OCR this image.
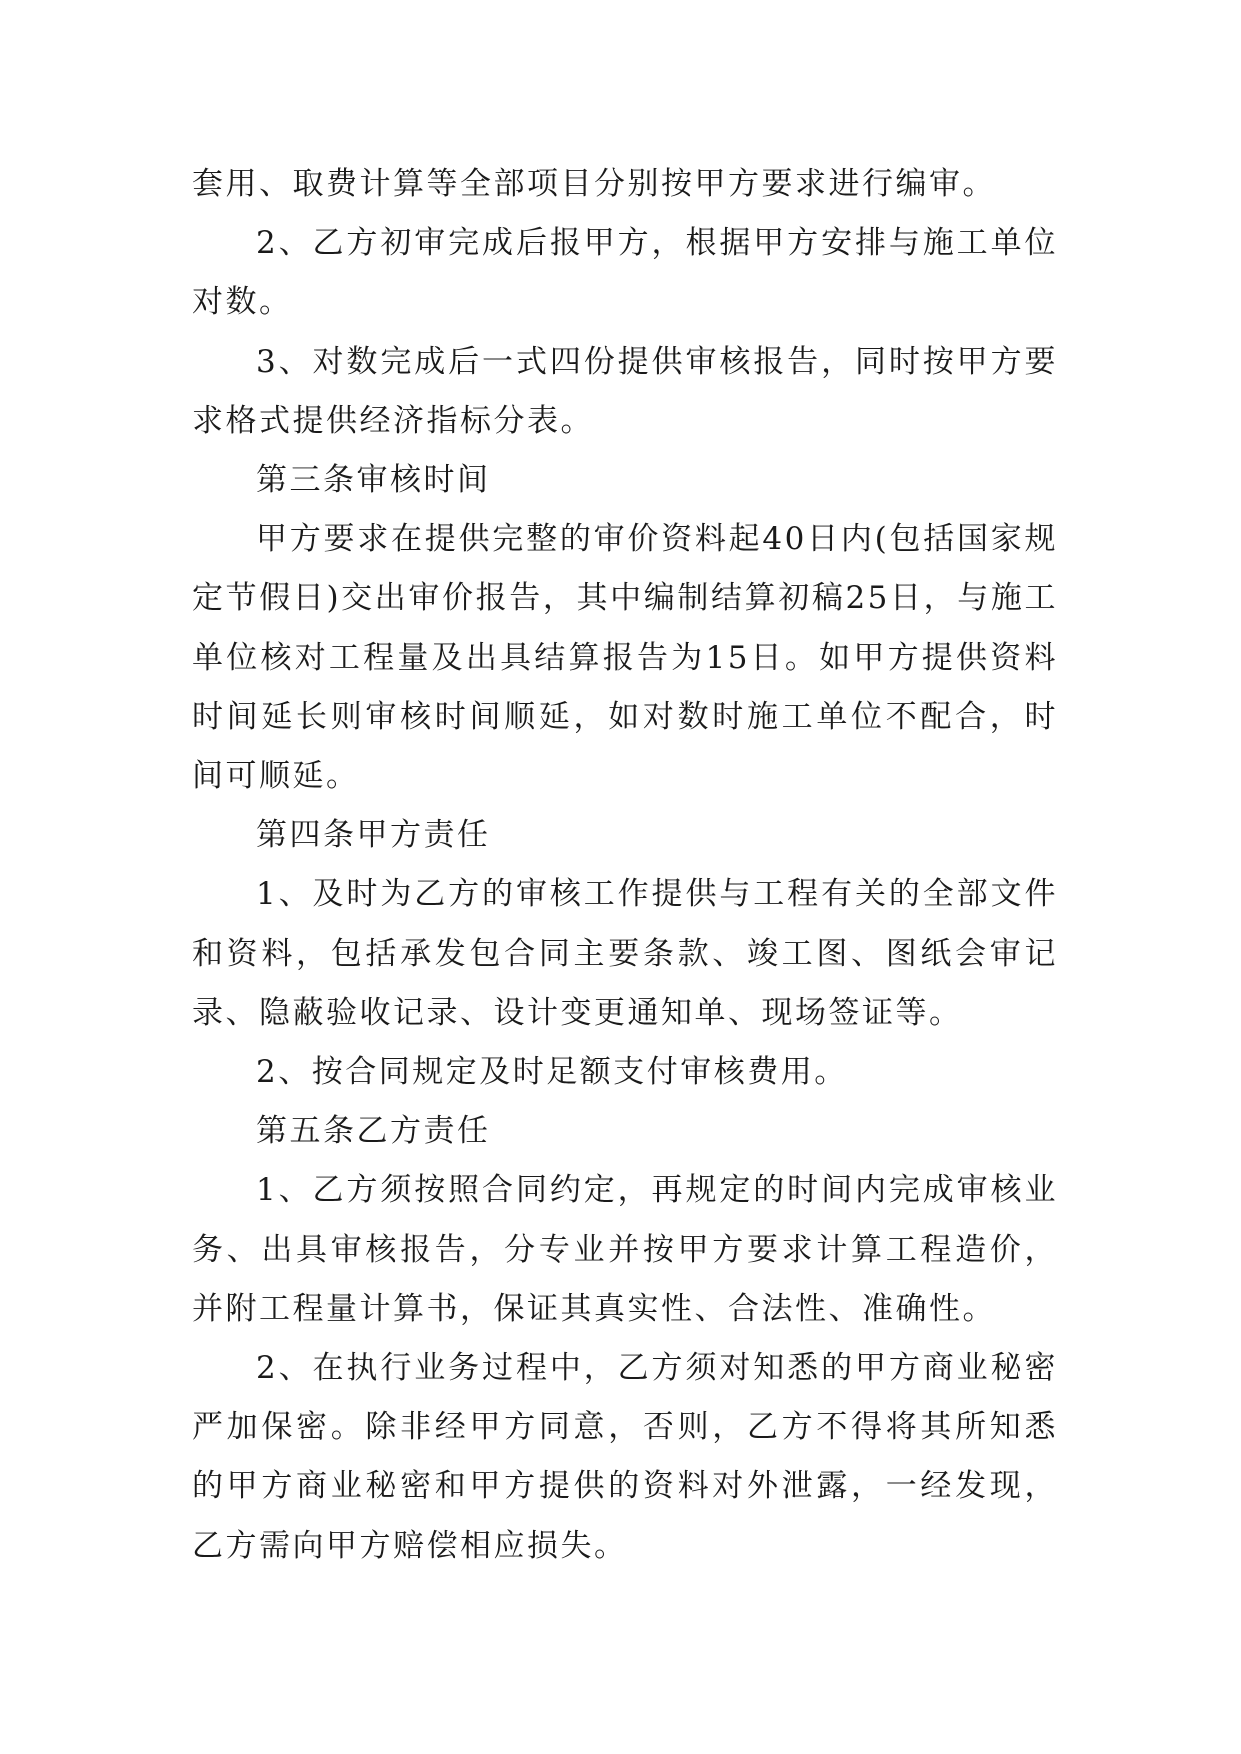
套用、取费计算等全部项目分别按甲方要求进行编审。

2、乙方初审完成后报甲方，根据甲方安排与施工单位对数。

3、对数完成后一式四份提供审核报告，同时按甲方要求格式提供经济指标分表。

第三条审核时间

甲方要求在提供完整的审价资料起40日内(包括国家规定节假日)交出审价报告，其中编制结算初稿25日，与施工单位核对工程量及出具结算报告为15日。如甲方提供资料时间延长则审核时间顺延，如对数时施工单位不配合，时间可顺延。

第四条甲方责任

1、及时为乙方的审核工作提供与工程有关的全部文件和资料，包括承发包合同主要条款、竣工图、图纸会审记录、隐蔽验收记录、设计变更通知单、现场签证等。

2、按合同规定及时足额支付审核费用。

第五条乙方责任

1、乙方须按照合同约定，再规定的时间内完成审核业务、出具审核报告，分专业并按甲方要求计算工程造价，并附工程量计算书，保证其真实性、合法性、准确性。

2、在执行业务过程中，乙方须对知悉的甲方商业秘密严加保密。除非经甲方同意，否则，乙方不得将其所知悉的甲方商业秘密和甲方提供的资料对外泄露，一经发现，乙方需向甲方赔偿相应损失。
